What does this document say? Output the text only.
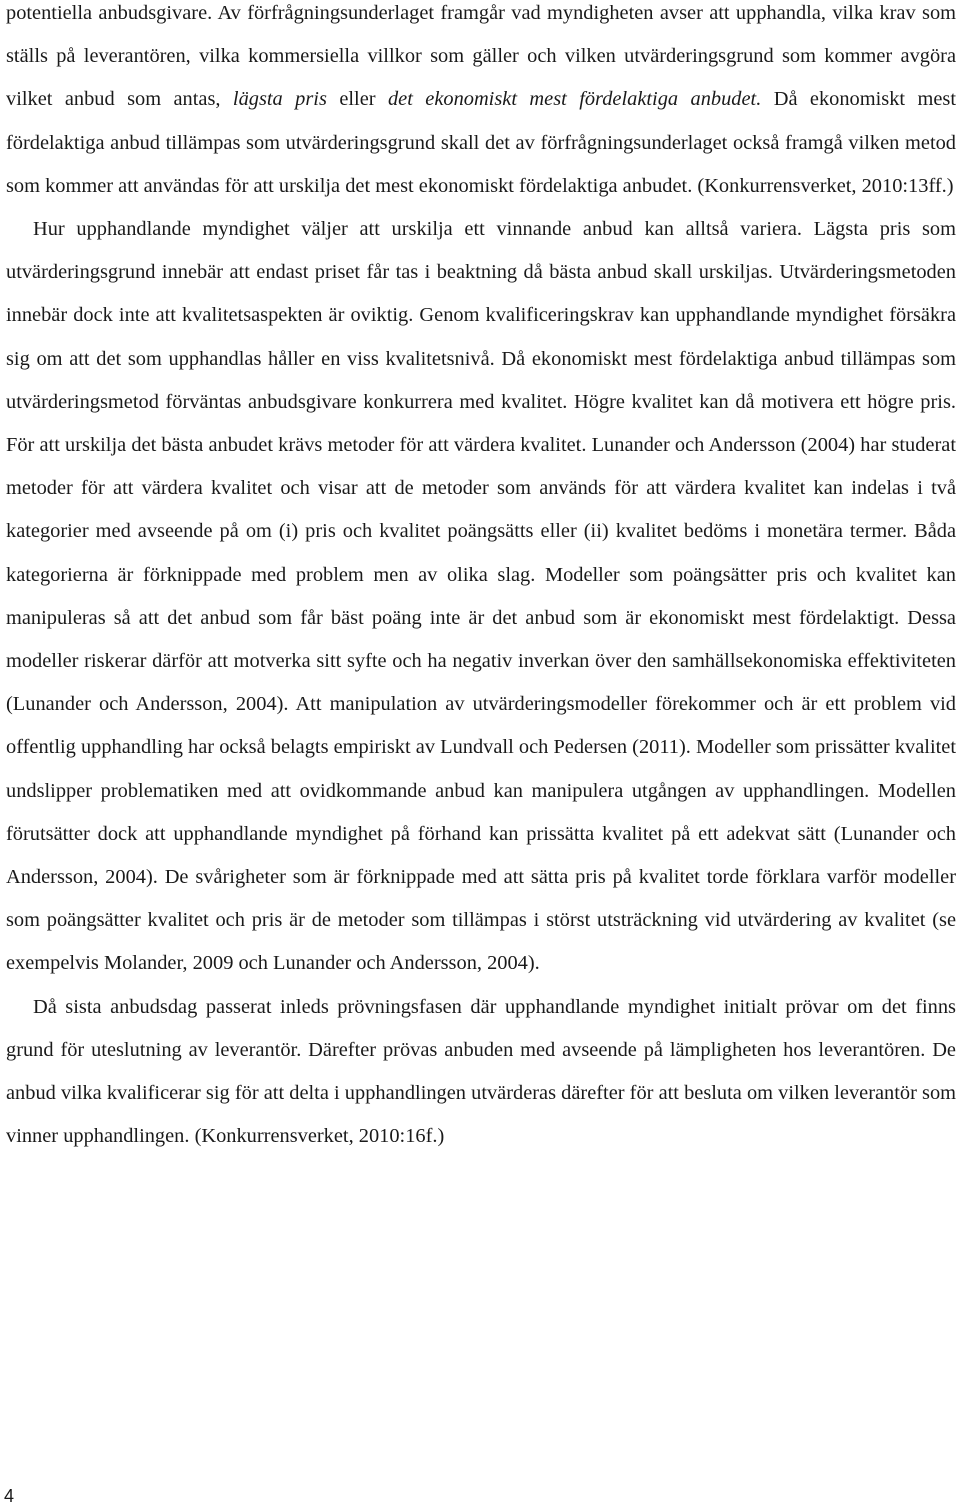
potentiella anbudsgivare. Av förfrågningsunderlaget framgår vad myndigheten avser att upphandla, vilka krav som ställs på leverantören, vilka kommersiella villkor som gäller och vilken utvärderingsgrund som kommer avgöra vilket anbud som antas, lägsta pris eller det ekonomiskt mest fördelaktiga anbudet. Då ekonomiskt mest fördelaktiga anbud tillämpas som utvärderingsgrund skall det av förfrågningsunderlaget också framgå vilken metod som kommer att användas för att urskilja det mest ekonomiskt fördelaktiga anbudet. (Konkurrensverket, 2010:13ff.)

Hur upphandlande myndighet väljer att urskilja ett vinnande anbud kan alltså variera. Lägsta pris som utvärderingsgrund innebär att endast priset får tas i beaktning då bästa anbud skall urskiljas. Utvärderingsmetoden innebär dock inte att kvalitetsaspekten är oviktig. Genom kvalificeringskrav kan upphandlande myndighet försäkra sig om att det som upphandlas håller en viss kvalitetsnivå. Då ekonomiskt mest fördelaktiga anbud tillämpas som utvärderingsmetod förväntas anbudsgivare konkurrera med kvalitet. Högre kvalitet kan då motivera ett högre pris. För att urskilja det bästa anbudet krävs metoder för att värdera kvalitet. Lunander och Andersson (2004) har studerat metoder för att värdera kvalitet och visar att de metoder som används för att värdera kvalitet kan indelas i två kategorier med avseende på om (i) pris och kvalitet poängsätts eller (ii) kvalitet bedöms i monetära termer. Båda kategorierna är förknippade med problem men av olika slag. Modeller som poängsätter pris och kvalitet kan manipuleras så att det anbud som får bäst poäng inte är det anbud som är ekonomiskt mest fördelaktigt. Dessa modeller riskerar därför att motverka sitt syfte och ha negativ inverkan över den samhällsekonomiska effektiviteten (Lunander och Andersson, 2004). Att manipulation av utvärderingsmodeller förekommer och är ett problem vid offentlig upphandling har också belagts empiriskt av Lundvall och Pedersen (2011). Modeller som prissätter kvalitet undslipper problematiken med att ovidkommande anbud kan manipulera utgången av upphandlingen. Modellen förutsätter dock att upphandlande myndighet på förhand kan prissätta kvalitet på ett adekvat sätt (Lunander och Andersson, 2004). De svårigheter som är förknippade med att sätta pris på kvalitet torde förklara varför modeller som poängsätter kvalitet och pris är de metoder som tillämpas i störst utsträckning vid utvärdering av kvalitet (se exempelvis Molander, 2009 och Lunander och Andersson, 2004).

Då sista anbudsdag passerat inleds prövningsfasen där upphandlande myndighet initialt prövar om det finns grund för uteslutning av leverantör. Därefter prövas anbuden med avseende på lämpligheten hos leverantören. De anbud vilka kvalificerar sig för att delta i upphandlingen utvärderas därefter för att besluta om vilken leverantör som vinner upphandlingen. (Konkurrensverket, 2010:16f.)

4
